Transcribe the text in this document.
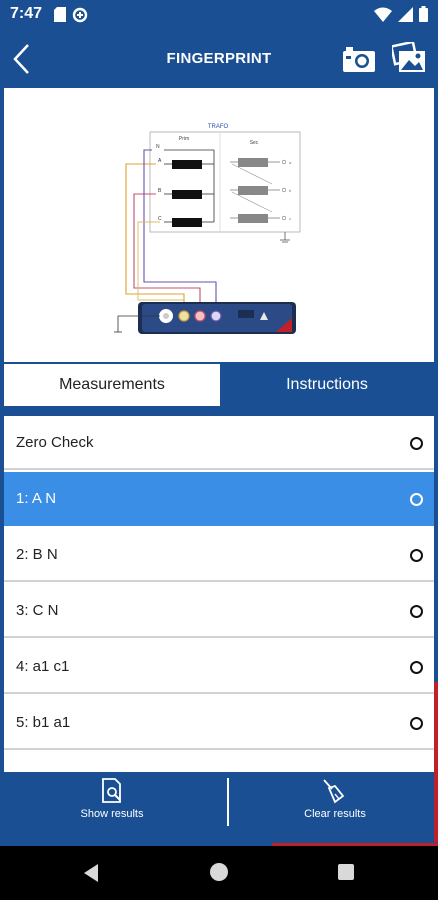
7:47
FINGERPRINT
TRAFO
Prim
Sec
N
A
B
C
a
b
c
Measurements	Instructions
Zero Check
1: A N
2: B N
3: C N
4: a1 c1
5: b1 a1
Show results	Clear results
